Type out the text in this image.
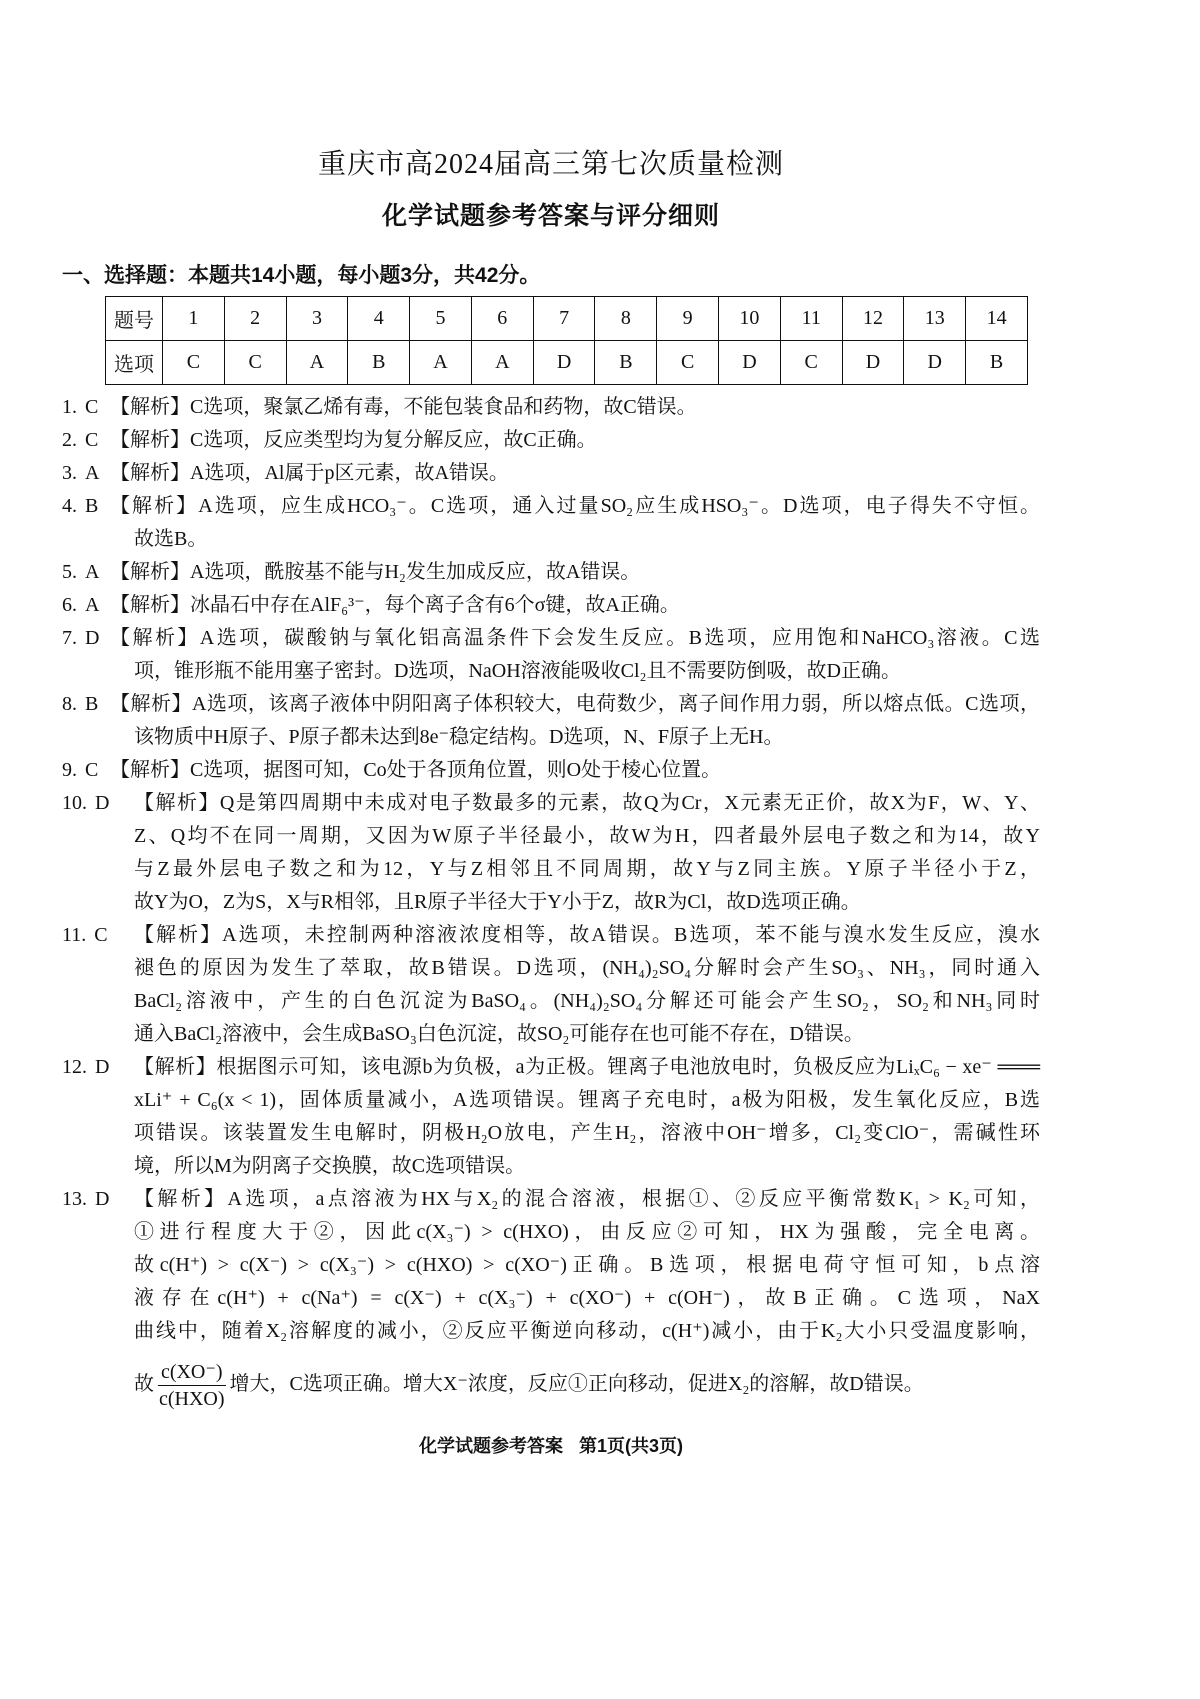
重庆市高2024届高三第七次质量检测
化学试题参考答案与评分细则
一、选择题：本题共14小题，每小题3分，共42分。
题号	1	2	3	4	5	6	7	8	9	10	11	12	13	14
选项	C	C	A	B	A	A	D	B	C	D	C	D	D	B
1. C 【解析】C选项，聚氯乙烯有毒，不能包装食品和药物，故C错误。
2. C 【解析】C选项，反应类型均为复分解反应，故C正确。
3. A 【解析】A选项，Al属于p区元素，故A错误。
4. B 【解析】A选项，应生成HCO₃⁻。C选项，通入过量SO₂应生成HSO₃⁻。D选项，电子得失不守恒。
故选B。
5. A 【解析】A选项，酰胺基不能与H₂发生加成反应，故A错误。
6. A 【解析】冰晶石中存在AlF₆³⁻，每个离子含有6个σ键，故A正确。
7. D 【解析】A选项，碳酸钠与氧化铝高温条件下会发生反应。B选项，应用饱和NaHCO₃溶液。C选
项，锥形瓶不能用塞子密封。D选项，NaOH溶液能吸收Cl₂且不需要防倒吸，故D正确。
8. B 【解析】A选项，该离子液体中阴阳离子体积较大，电荷数少，离子间作用力弱，所以熔点低。C选项，
该物质中H原子、P原子都未达到8e⁻稳定结构。D选项，N、F原子上无H。
9. C 【解析】C选项，据图可知，Co处于各顶角位置，则O处于棱心位置。
10. D 【解析】Q是第四周期中未成对电子数最多的元素，故Q为Cr，X元素无正价，故X为F，W、Y、
Z、Q均不在同一周期，又因为W原子半径最小，故W为H，四者最外层电子数之和为14，故Y
与Z最外层电子数之和为12，Y与Z相邻且不同周期，故Y与Z同主族。Y原子半径小于Z，
故Y为O，Z为S，X与R相邻，且R原子半径大于Y小于Z，故R为Cl，故D选项正确。
11. C 【解析】A选项，未控制两种溶液浓度相等，故A错误。B选项，苯不能与溴水发生反应，溴水
褪色的原因为发生了萃取，故B错误。D选项，(NH₄)₂SO₄分解时会产生SO₃、NH₃，同时通入
BaCl₂溶液中，产生的白色沉淀为BaSO₄。(NH₄)₂SO₄分解还可能会产生SO₂，SO₂和NH₃同时
通入BaCl₂溶液中，会生成BaSO₃白色沉淀，故SO₂可能存在也可能不存在，D错误。
12. D 【解析】根据图示可知，该电源b为负极，a为正极。锂离子电池放电时，负极反应为LiₓC₆ − xe⁻ ═══
xLi⁺ + C₆(x < 1)，固体质量减小，A选项错误。锂离子充电时，a极为阳极，发生氧化反应，B选
项错误。该装置发生电解时，阴极H₂O放电，产生H₂，溶液中OH⁻增多，Cl₂变ClO⁻，需碱性环
境，所以M为阴离子交换膜，故C选项错误。
13. D 【解析】A选项，a点溶液为HX与X₂的混合溶液，根据①、②反应平衡常数K₁ > K₂可知，
①进行程度大于②，因此c(X₃⁻) > c(HXO)，由反应②可知，HX为强酸，完全电离。
故c(H⁺) > c(X⁻) > c(X₃⁻) > c(HXO) > c(XO⁻)正确。B选项，根据电荷守恒可知，b点溶
液存在c(H⁺) + c(Na⁺) = c(X⁻) + c(X₃⁻) + c(XO⁻) + c(OH⁻)，故B正确。C选项，NaX
曲线中，随着X₂溶解度的减小，②反应平衡逆向移动，c(H⁺)减小，由于K₂大小只受温度影响，
故 $\frac{c(XO^-)}{\text{c(HXO)}}$ 增大，C选项正确。增大X⁻浓度，反应①正向移动，促进X₂的溶解，故D错误。
化学试题参考答案 第1页(共3页)
